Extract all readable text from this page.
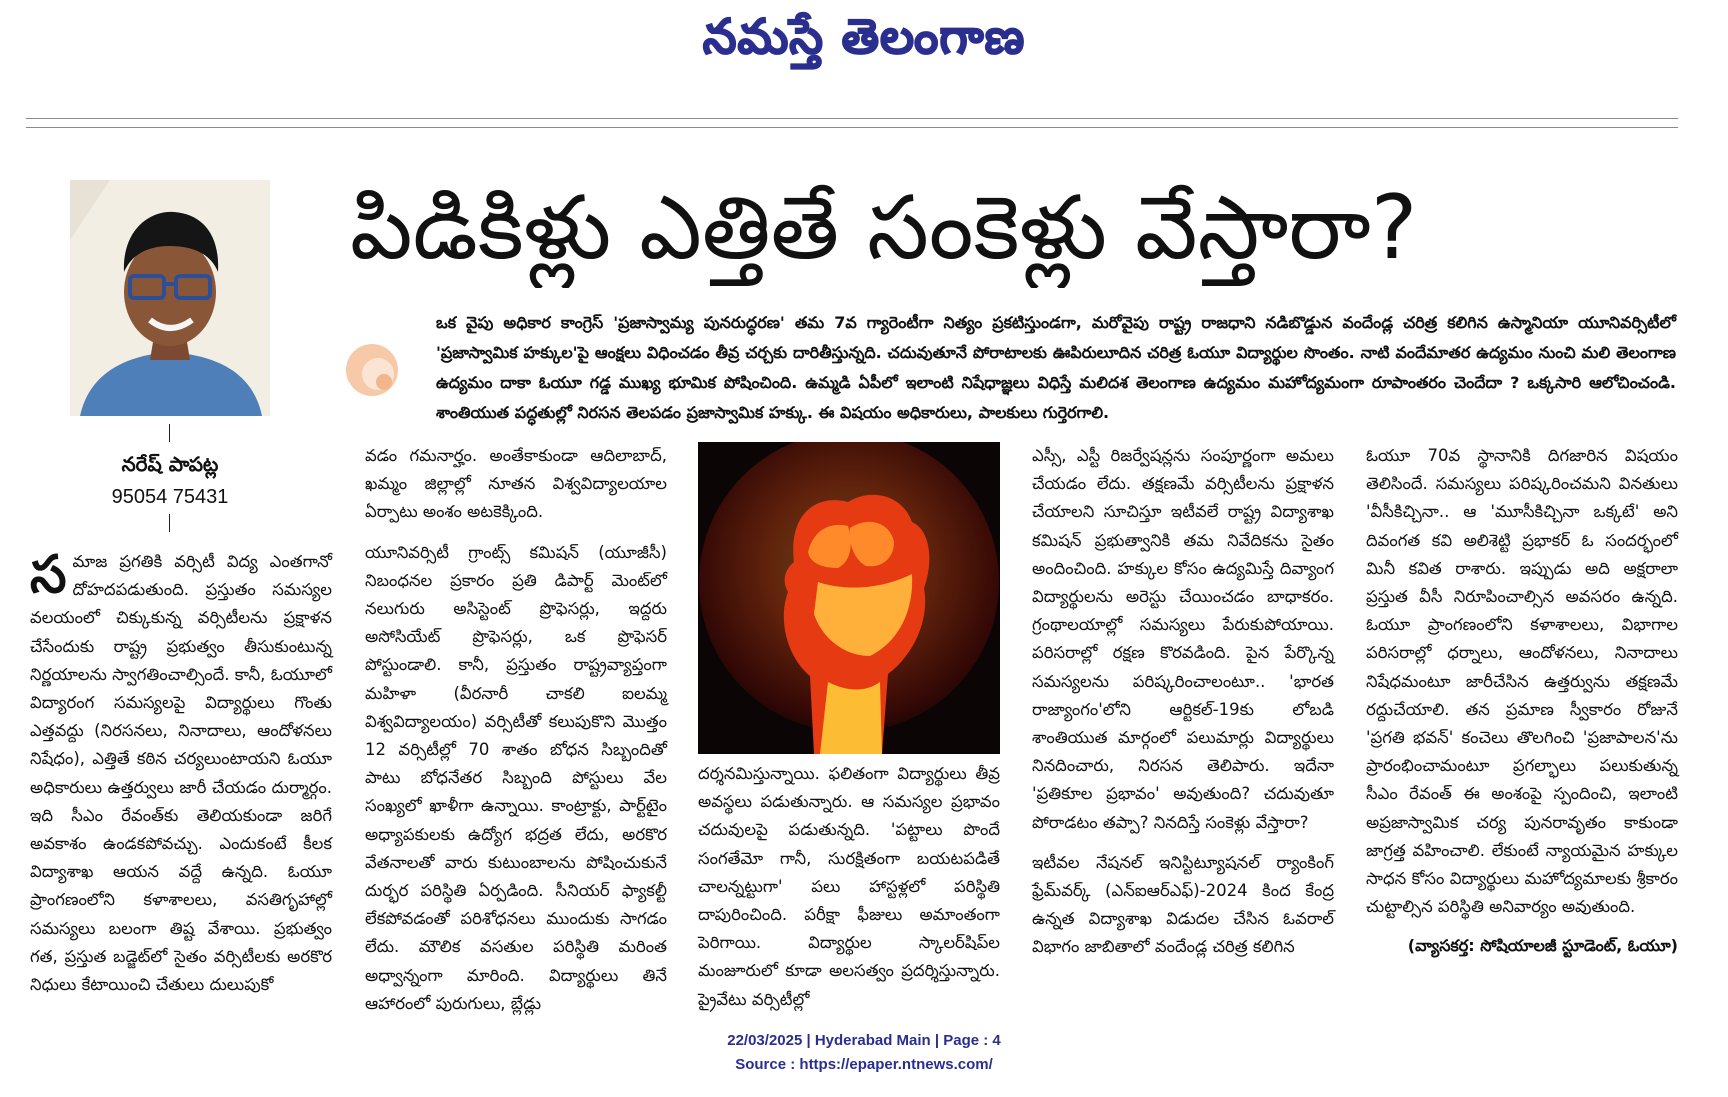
నమస్తే తెలంగాణ
నరేష్ పాపట్ల
95054 75431
పిడికిళ్లు ఎత్తితే సంకెళ్లు వేస్తారా?
ఒక వైపు అధికార కాంగ్రెస్ 'ప్రజాస్వామ్య పునరుద్ధరణ' తమ 7వ గ్యారెంటీగా నిత్యం ప్రకటిస్తుండగా, మరోవైపు రాష్ట్ర రాజధాని నడిబొడ్డున వందేండ్ల చరిత్ర కలిగిన ఉస్మానియా యూనివర్సిటీలో 'ప్రజాస్వామిక హక్కుల'పై ఆంక్షలు విధించడం తీవ్ర చర్చకు దారితీస్తున్నది. చదువుతూనే పోరాటాలకు ఊపిరులూదిన చరిత్ర ఓయూ విద్యార్థుల సొంతం. నాటి వందేమాతర ఉద్యమం నుంచి మలి తెలంగాణ ఉద్యమం దాకా ఓయూ గడ్డ ముఖ్య భూమిక పోషించింది. ఉమ్మడి ఏపీలో ఇలాంటి నిషేధాజ్ఞలు విధిస్తే మలిదశ తెలంగాణ ఉద్యమం మహోద్యమంగా రూపాంతరం చెందేదా ? ఒక్కసారి ఆలోచించండి. శాంతియుత పద్ధతుల్లో నిరసన తెలపడం ప్రజాస్వామిక హక్కు. ఈ విషయం అధికారులు, పాలకులు గుర్తెరగాలి.
స మాజ ప్రగతికి వర్సిటీ విద్య ఎంతగానో దోహదపడుతుంది. ప్రస్తుతం సమస్యల వలయంలో చిక్కుకున్న వర్సిటీలను ప్రక్షాళన చేసేందుకు రాష్ట్ర ప్రభుత్వం తీసుకుంటున్న నిర్ణయాలను స్వాగతించాల్సిందే. కానీ, ఓయూలో విద్యారంగ సమస్యలపై విద్యార్థులు గొంతు ఎత్తవద్దు (నిరసనలు, నినాదాలు, ఆందోళనలు నిషేధం), ఎత్తితే కఠిన చర్యలుంటాయని ఓయూ అధికారులు ఉత్తర్వులు జారీ చేయడం దుర్మార్గం. ఇది సీఎం రేవంత్‌కు తెలియకుండా జరిగే అవకాశం ఉండకపోవచ్చు. ఎందుకంటే కీలక విద్యాశాఖ ఆయన వద్దే ఉన్నది. ఓయూ ప్రాంగణంలోని కళాశాలలు, వసతిగృహాల్లో సమస్యలు బలంగా తిష్ట వేశాయి. ప్రభుత్వం గత, ప్రస్తుత బడ్జెట్‌లో సైతం వర్సిటీలకు అరకొర నిధులు కేటాయించి చేతులు దులుపుకో

వడం గమనార్హం. అంతేకాకుండా ఆదిలాబాద్, ఖమ్మం జిల్లాల్లో నూతన విశ్వవిద్యాలయాల ఏర్పాటు అంశం అటకెక్కింది.

యూనివర్సిటీ గ్రాంట్స్ కమిషన్ (యూజీసీ) నిబంధనల ప్రకారం ప్రతి డిపార్ట్ మెంట్‌లో నలుగురు అసిస్టెంట్ ప్రొఫెసర్లు, ఇద్దరు అసోసియేట్ ప్రొఫెసర్లు, ఒక ప్రొఫెసర్ పోస్టుండాలి. కానీ, ప్రస్తుతం రాష్ట్రవ్యాప్తంగా మహిళా (వీరనారీ చాకలి ఐలమ్మ విశ్వవిద్యాలయం) వర్సిటీతో కలుపుకొని మొత్తం 12 వర్సిటీల్లో 70 శాతం బోధన సిబ్బందితో పాటు బోధనేతర సిబ్బంది పోస్టులు వేల సంఖ్యలో ఖాళీగా ఉన్నాయి. కాంట్రాక్టు, పార్ట్‌టైం అధ్యాపకులకు ఉద్యోగ భద్రత లేదు, అరకొర వేతనాలతో వారు కుటుంబాలను పోషించుకునే దుర్భర పరిస్థితి ఏర్పడింది. సీనియర్ ఫ్యాకల్టీ లేకపోవడంతో పరిశోధనలు ముందుకు సాగడం లేదు. మౌలిక వసతుల పరిస్థితి మరింత అధ్వాన్నంగా మారింది. విద్యార్థులు తినే ఆహారంలో పురుగులు, బ్లేడ్లు

దర్శనమిస్తున్నాయి. ఫలితంగా విద్యార్థులు తీవ్ర అవస్థలు పడుతున్నారు. ఆ సమస్యల ప్రభావం చదువులపై పడుతున్నది. 'పట్టాలు పొందే సంగతేమో గానీ, సురక్షితంగా బయటపడితే చాలన్నట్టుగా' పలు హాస్టళ్లలో పరిస్థితి దాపురించింది. పరీక్షా ఫీజులు అమాంతంగా పెరిగాయి. విద్యార్థుల స్కాలర్‌షిప్‌ల మంజూరులో కూడా అలసత్వం ప్రదర్శిస్తున్నారు. ప్రైవేటు వర్సిటీల్లో

ఎస్సీ, ఎస్టీ రిజర్వేషన్లను సంపూర్ణంగా అమలు చేయడం లేదు. తక్షణమే వర్సిటీలను ప్రక్షాళన చేయాలని సూచిస్తూ ఇటీవలే రాష్ట్ర విద్యాశాఖ కమిషన్ ప్రభుత్వానికి తమ నివేదికను సైతం అందించింది. హక్కుల కోసం ఉద్యమిస్తే దివ్యాంగ విద్యార్థులను అరెస్టు చేయించడం బాధాకరం. గ్రంథాలయాల్లో సమస్యలు పేరుకుపోయాయి. పరిసరాల్లో రక్షణ కొరవడింది. పైన పేర్కొన్న సమస్యలను పరిష్కరించాలంటూ.. 'భారత రాజ్యాంగం'లోని ఆర్టికల్-19కు లోబడి శాంతియుత మార్గంలో పలుమార్లు విద్యార్థులు నినదించారు, నిరసన తెలిపారు. ఇదేనా 'ప్రతికూల ప్రభావం' అవుతుంది? చదువుతూ పోరాడటం తప్పా? నినదిస్తే సంకెళ్లు వేస్తారా?

ఇటీవల నేషనల్ ఇనిస్టిట్యూషనల్ ర్యాంకింగ్ ఫ్రేమ్‌వర్క్ (ఎన్ఐఆర్ఎఫ్)-2024 కింద కేంద్ర ఉన్నత విద్యాశాఖ విడుదల చేసిన ఓవరాల్ విభాగం జాబితాలో వందేండ్ల చరిత్ర కలిగిన

ఓయూ 70వ స్థానానికి దిగజారిన విషయం తెలిసిందే. సమస్యలు పరిష్కరించమని వినతులు 'వీసీకిచ్చినా.. ఆ 'మూసీకిచ్చినా ఒక్కటే' అని దివంగత కవి అలిశెట్టి ప్రభాకర్ ఓ సందర్భంలో మినీ కవిత రాశారు. ఇప్పుడు అది అక్షరాలా ప్రస్తుత వీసీ నిరూపించాల్సిన అవసరం ఉన్నది. ఓయూ ప్రాంగణంలోని కళాశాలలు, విభాగాల పరిసరాల్లో ధర్నాలు, ఆందోళనలు, నినాదాలు నిషేధమంటూ జారీచేసిన ఉత్తర్వును తక్షణమే రద్దుచేయాలి. తన ప్రమాణ స్వీకారం రోజునే 'ప్రగతి భవన్' కంచెలు తొలగించి 'ప్రజాపాలన'ను ప్రారంభించామంటూ ప్రగల్భాలు పలుకుతున్న సీఎం రేవంత్ ఈ అంశంపై స్పందించి, ఇలాంటి అప్రజాస్వామిక చర్య పునరావృతం కాకుండా జాగ్రత్త వహించాలి. లేకుంటే న్యాయమైన హక్కుల సాధన కోసం విద్యార్థులు మహోద్యమాలకు శ్రీకారం చుట్టాల్సిన పరిస్థితి అనివార్యం అవుతుంది.
(వ్యాసకర్త: సోషియాలజీ స్టూడెంట్, ఓయూ)
22/03/2025 | Hyderabad Main | Page : 4
Source : https://epaper.ntnews.com/
